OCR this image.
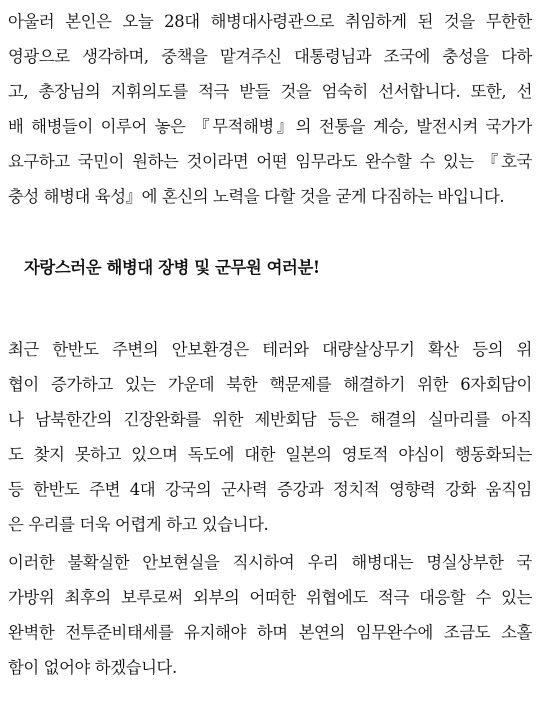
아울러 본인은 오늘 28대 해병대사령관으로 취임하게 된 것을 무한한
영광으로 생각하며, 중책을 맡겨주신 대통령님과 조국에 충성을 다하
고, 총장님의 지휘의도를 적극 받들 것을 엄숙히 선서합니다. 또한, 선
배 해병들이 이루어 놓은 『무적해병』의 전통을 계승, 발전시켜 국가가
요구하고 국민이 원하는 것이라면 어떤 임무라도 완수할 수 있는 『호국
충성 해병대 육성』에 혼신의 노력을 다할 것을 굳게 다짐하는 바입니다.
자랑스러운 해병대 장병 및 군무원 여러분!
최근 한반도 주변의 안보환경은 테러와 대량살상무기 확산 등의 위
협이 증가하고 있는 가운데 북한 핵문제를 해결하기 위한 6자회담이
나 남북한간의 긴장완화를 위한 제반회담 등은 해결의 실마리를 아직
도 찾지 못하고 있으며 독도에 대한 일본의 영토적 야심이 행동화되는
등 한반도 주변 4대 강국의 군사력 증강과 정치적 영향력 강화 움직임
은 우리를 더욱 어렵게 하고 있습니다.
이러한 불확실한 안보현실을 직시하여 우리 해병대는 명실상부한 국
가방위 최후의 보루로써 외부의 어떠한 위협에도 적극 대응할 수 있는
완벽한 전투준비태세를 유지해야 하며 본연의 임무완수에 조금도 소홀
함이 없어야 하겠습니다.
